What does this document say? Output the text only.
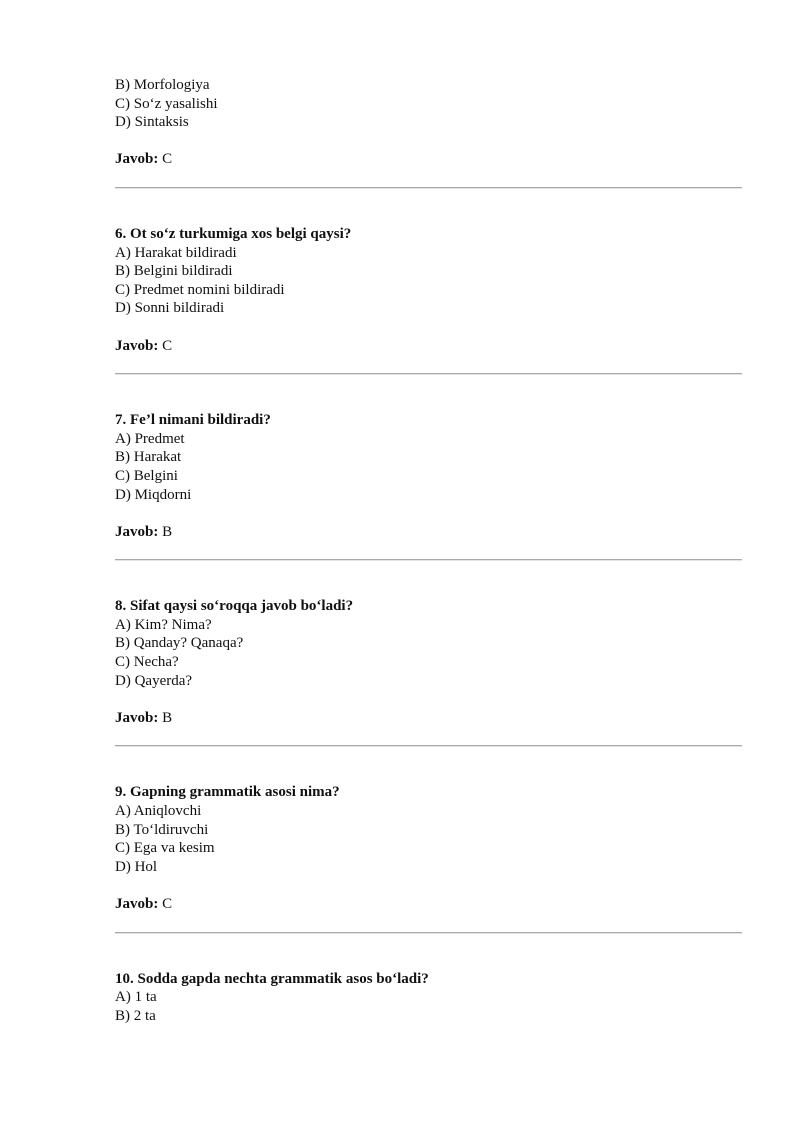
B) Morfologiya
C) So‘z yasalishi
D) Sintaksis
Javob: C
6. Ot so‘z turkumiga xos belgi qaysi?
A) Harakat bildiradi
B) Belgini bildiradi
C) Predmet nomini bildiradi
D) Sonni bildiradi
Javob: C
7. Fe’l nimani bildiradi?
A) Predmet
B) Harakat
C) Belgini
D) Miqdorni
Javob: B
8. Sifat qaysi so‘roqqa javob bo‘ladi?
A) Kim? Nima?
B) Qanday? Qanaqa?
C) Necha?
D) Qayerda?
Javob: B
9. Gapning grammatik asosi nima?
A) Aniqlovchi
B) To‘ldiruvchi
C) Ega va kesim
D) Hol
Javob: C
10. Sodda gapda nechta grammatik asos bo‘ladi?
A) 1 ta
B) 2 ta
